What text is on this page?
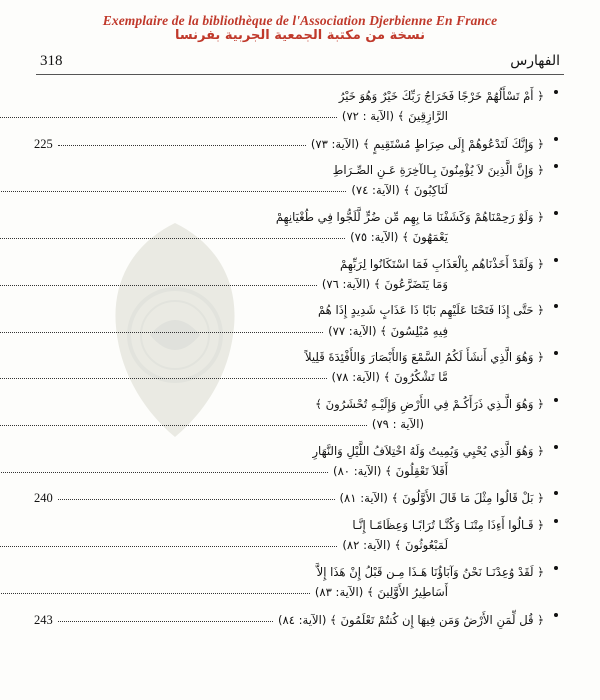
Exemplaire de la bibliothèque de l'Association Djerbienne En France
نسخة من مكتبة الجمعية الجربية بفرنسا
الفهارس
318
﴿ أَمْ تَسْأَلُهُمْ خَرْجًا فَخَرَاجُ رَبِّكَ خَيْرٌ وَهُوَ خَيْرُ
الرَّازِقِينَ ﴾ (الآية : ٧٢)
﴿ وَإِنَّكَ لَتَدْعُوهُمْ إِلَى صِرَاطٍ مُسْتَقِيمٍ ﴾ (الآية: ٧٣)
225
﴿ وَإِنَّ الَّذِينَ لاَ يُؤْمِنُونَ بِـالآخِرَةِ عَـنِ الصِّـرَاطِ
لَنَاكِبُونَ ﴾ (الآية: ٧٤)
﴿ وَلَوْ رَحِمْنَاهُمْ وَكَشَفْنَا مَا بِهِم مِّن ضُرٍّ لَّلَجُّوا فِي طُغْيَانِهِمْ
يَعْمَهُونَ ﴾ (الآية: ٧٥)
﴿ وَلَقَدْ أَخَذْنَاهُم بِالْعَذَابِ فَمَا اسْتَكَانُوا لِرَبِّهِمْ
وَمَا يَتَضَرَّعُونَ ﴾ (الآية: ٧٦)
﴿ حَتَّى إِذَا فَتَحْنَا عَلَيْهِم بَابًا ذَا عَذَابٍ شَدِيدٍ إِذَا هُمْ
فِيهِ مُبْلِسُونَ ﴾ (الآية: ٧٧)
﴿ وَهُوَ الَّذِي أَنشَأَ لَكُمُ السَّمْعَ وَالأَبْصَارَ وَالأَفْئِدَةَ قَلِيلاً
مَّا تَشْكُرُونَ ﴾ (الآية: ٧٨)
﴿ وَهُوَ الَّـذِي ذَرَأَكُـمْ فِي الأَرْضِ وَإِلَيْـهِ تُحْشَرُونَ ﴾
(الآية : ٧٩)
﴿ وَهُوَ الَّذِي يُحْيِي وَيُمِيتُ وَلَهُ اخْتِلاَفُ اللَّيْلِ وَالنَّهَارِ
أَفَلاَ تَعْقِلُونَ ﴾ (الآية: ٨٠)
﴿ بَلْ قَالُوا مِثْلَ مَا قَالَ الأَوَّلُونَ ﴾ (الآية: ٨١)
240
﴿ قَـالُوا أَءِذَا مِتْنَـا وَكُنَّـا تُرَابًـا وَعِظَامًـا إِنَّـا
لَمَبْعُوثُونَ ﴾ (الآية: ٨٢)
﴿ لَقَدْ وُعِدْنَـا نَحْنُ وَآبَاؤُنَا هَـذَا مِـن قَبْلُ إِنْ هَذَا إِلاَّ
أَسَاطِيرُ الأَوَّلِينَ ﴾ (الآية: ٨٣)
﴿ قُل لِّمَنِ الأَرْضُ وَمَن فِيهَا إِن كُنتُمْ تَعْلَمُونَ ﴾ (الآية: ٨٤)
243
